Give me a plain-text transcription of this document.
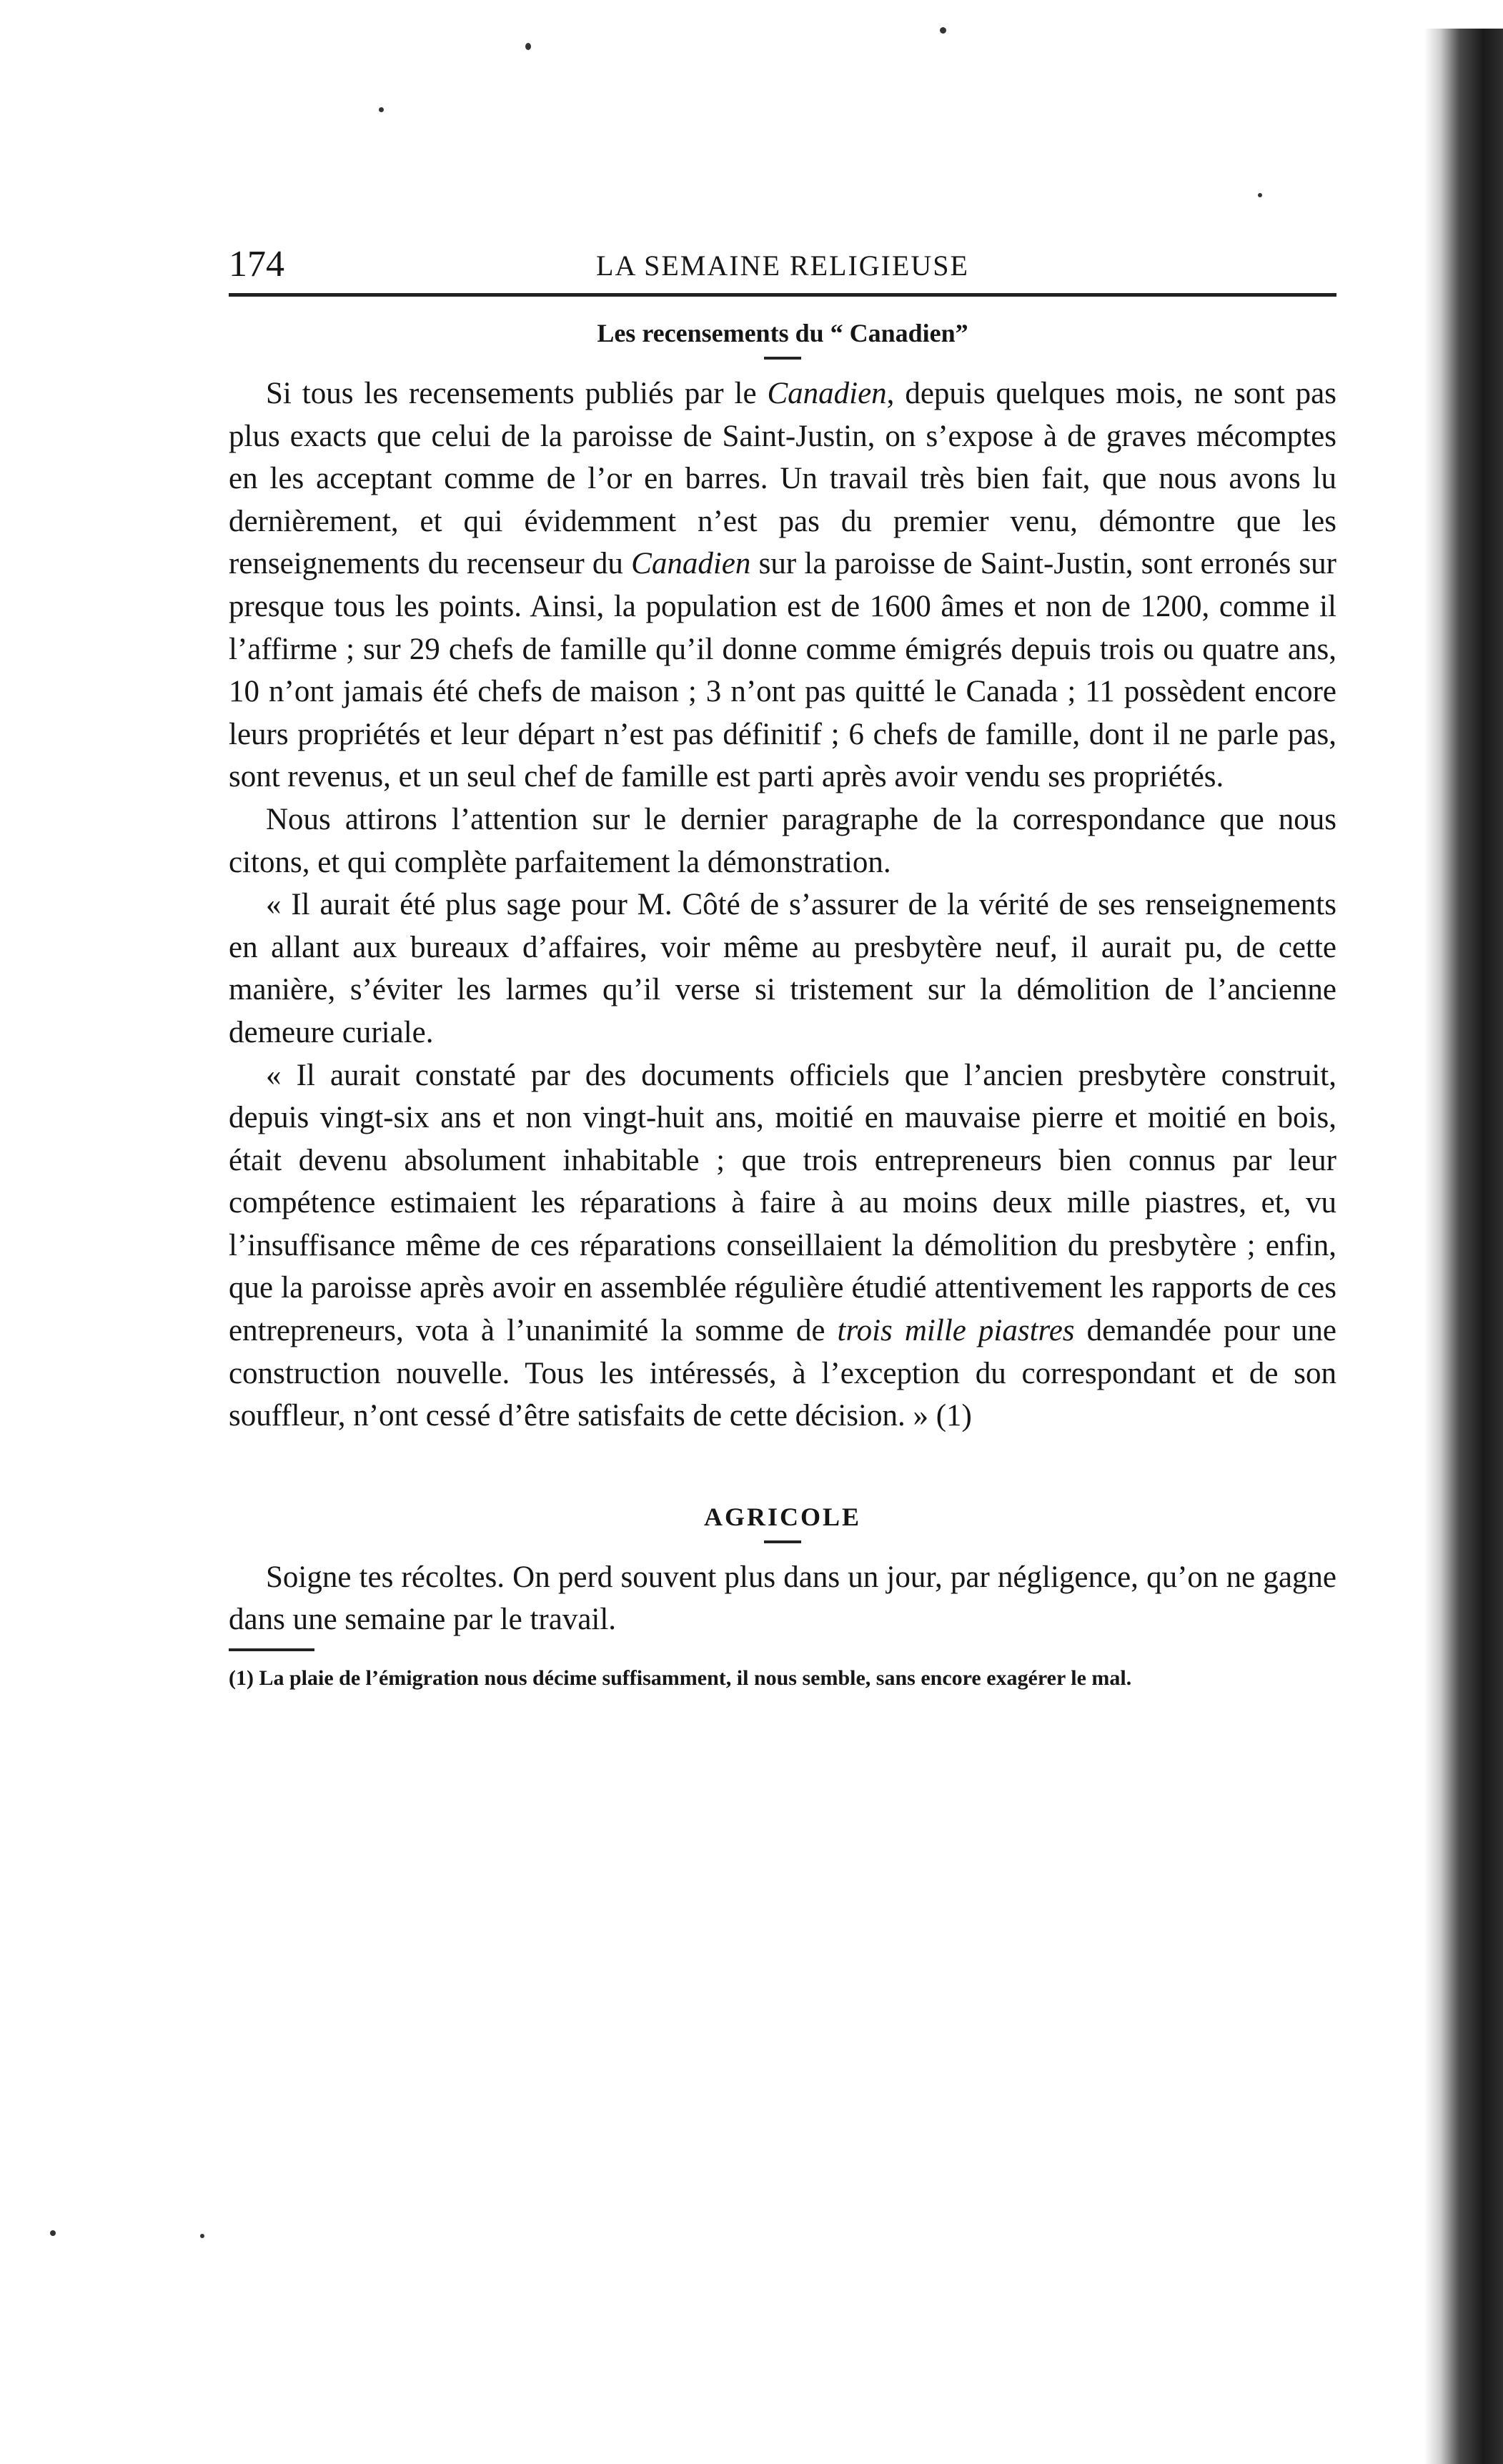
174	LA SEMAINE RELIGIEUSE
Les recensements du “ Canadien”

Si tous les recensements publiés par le Canadien, depuis quelques mois, ne sont pas plus exacts que celui de la paroisse de Saint-Justin, on s’expose à de graves mécomptes en les acceptant comme de l’or en barres. Un travail très bien fait, que nous avons lu dernièrement, et qui évidemment n’est pas du premier venu, démontre que les renseignements du recenseur du Canadien sur la paroisse de Saint-Justin, sont erronés sur presque tous les points. Ainsi, la population est de 1600 âmes et non de 1200, comme il l’affirme ; sur 29 chefs de famille qu’il donne comme émigrés depuis trois ou quatre ans, 10 n’ont jamais été chefs de maison ; 3 n’ont pas quitté le Canada ; 11 possèdent encore leurs propriétés et leur départ n’est pas définitif ; 6 chefs de famille, dont il ne parle pas, sont revenus, et un seul chef de famille est parti après avoir vendu ses propriétés.

Nous attirons l’attention sur le dernier paragraphe de la correspondance que nous citons, et qui complète parfaitement la démonstration.

« Il aurait été plus sage pour M. Côté de s’assurer de la vérité de ses renseignements en allant aux bureaux d’affaires, voir même au presbytère neuf, il aurait pu, de cette manière, s’éviter les larmes qu’il verse si tristement sur la démolition de l’ancienne demeure curiale.

« Il aurait constaté par des documents officiels que l’ancien presbytère construit, depuis vingt-six ans et non vingt-huit ans, moitié en mauvaise pierre et moitié en bois, était devenu absolument inhabitable ; que trois entrepreneurs bien connus par leur compétence estimaient les réparations à faire à au moins deux mille piastres, et, vu l’insuffisance même de ces réparations conseillaient la démolition du presbytère ; enfin, que la paroisse après avoir en assemblée régulière étudié attentivement les rapports de ces entrepreneurs, vota à l’unanimité la somme de trois mille piastres demandée pour une construction nouvelle. Tous les intéressés, à l’exception du correspondant et de son souffleur, n’ont cessé d’être satisfaits de cette décision. » (1)

AGRICOLE

Soigne tes récoltes. On perd souvent plus dans un jour, par négligence, qu’on ne gagne dans une semaine par le travail.

(1) La plaie de l’émigration nous décime suffisamment, il nous semble, sans encore exagérer le mal.
